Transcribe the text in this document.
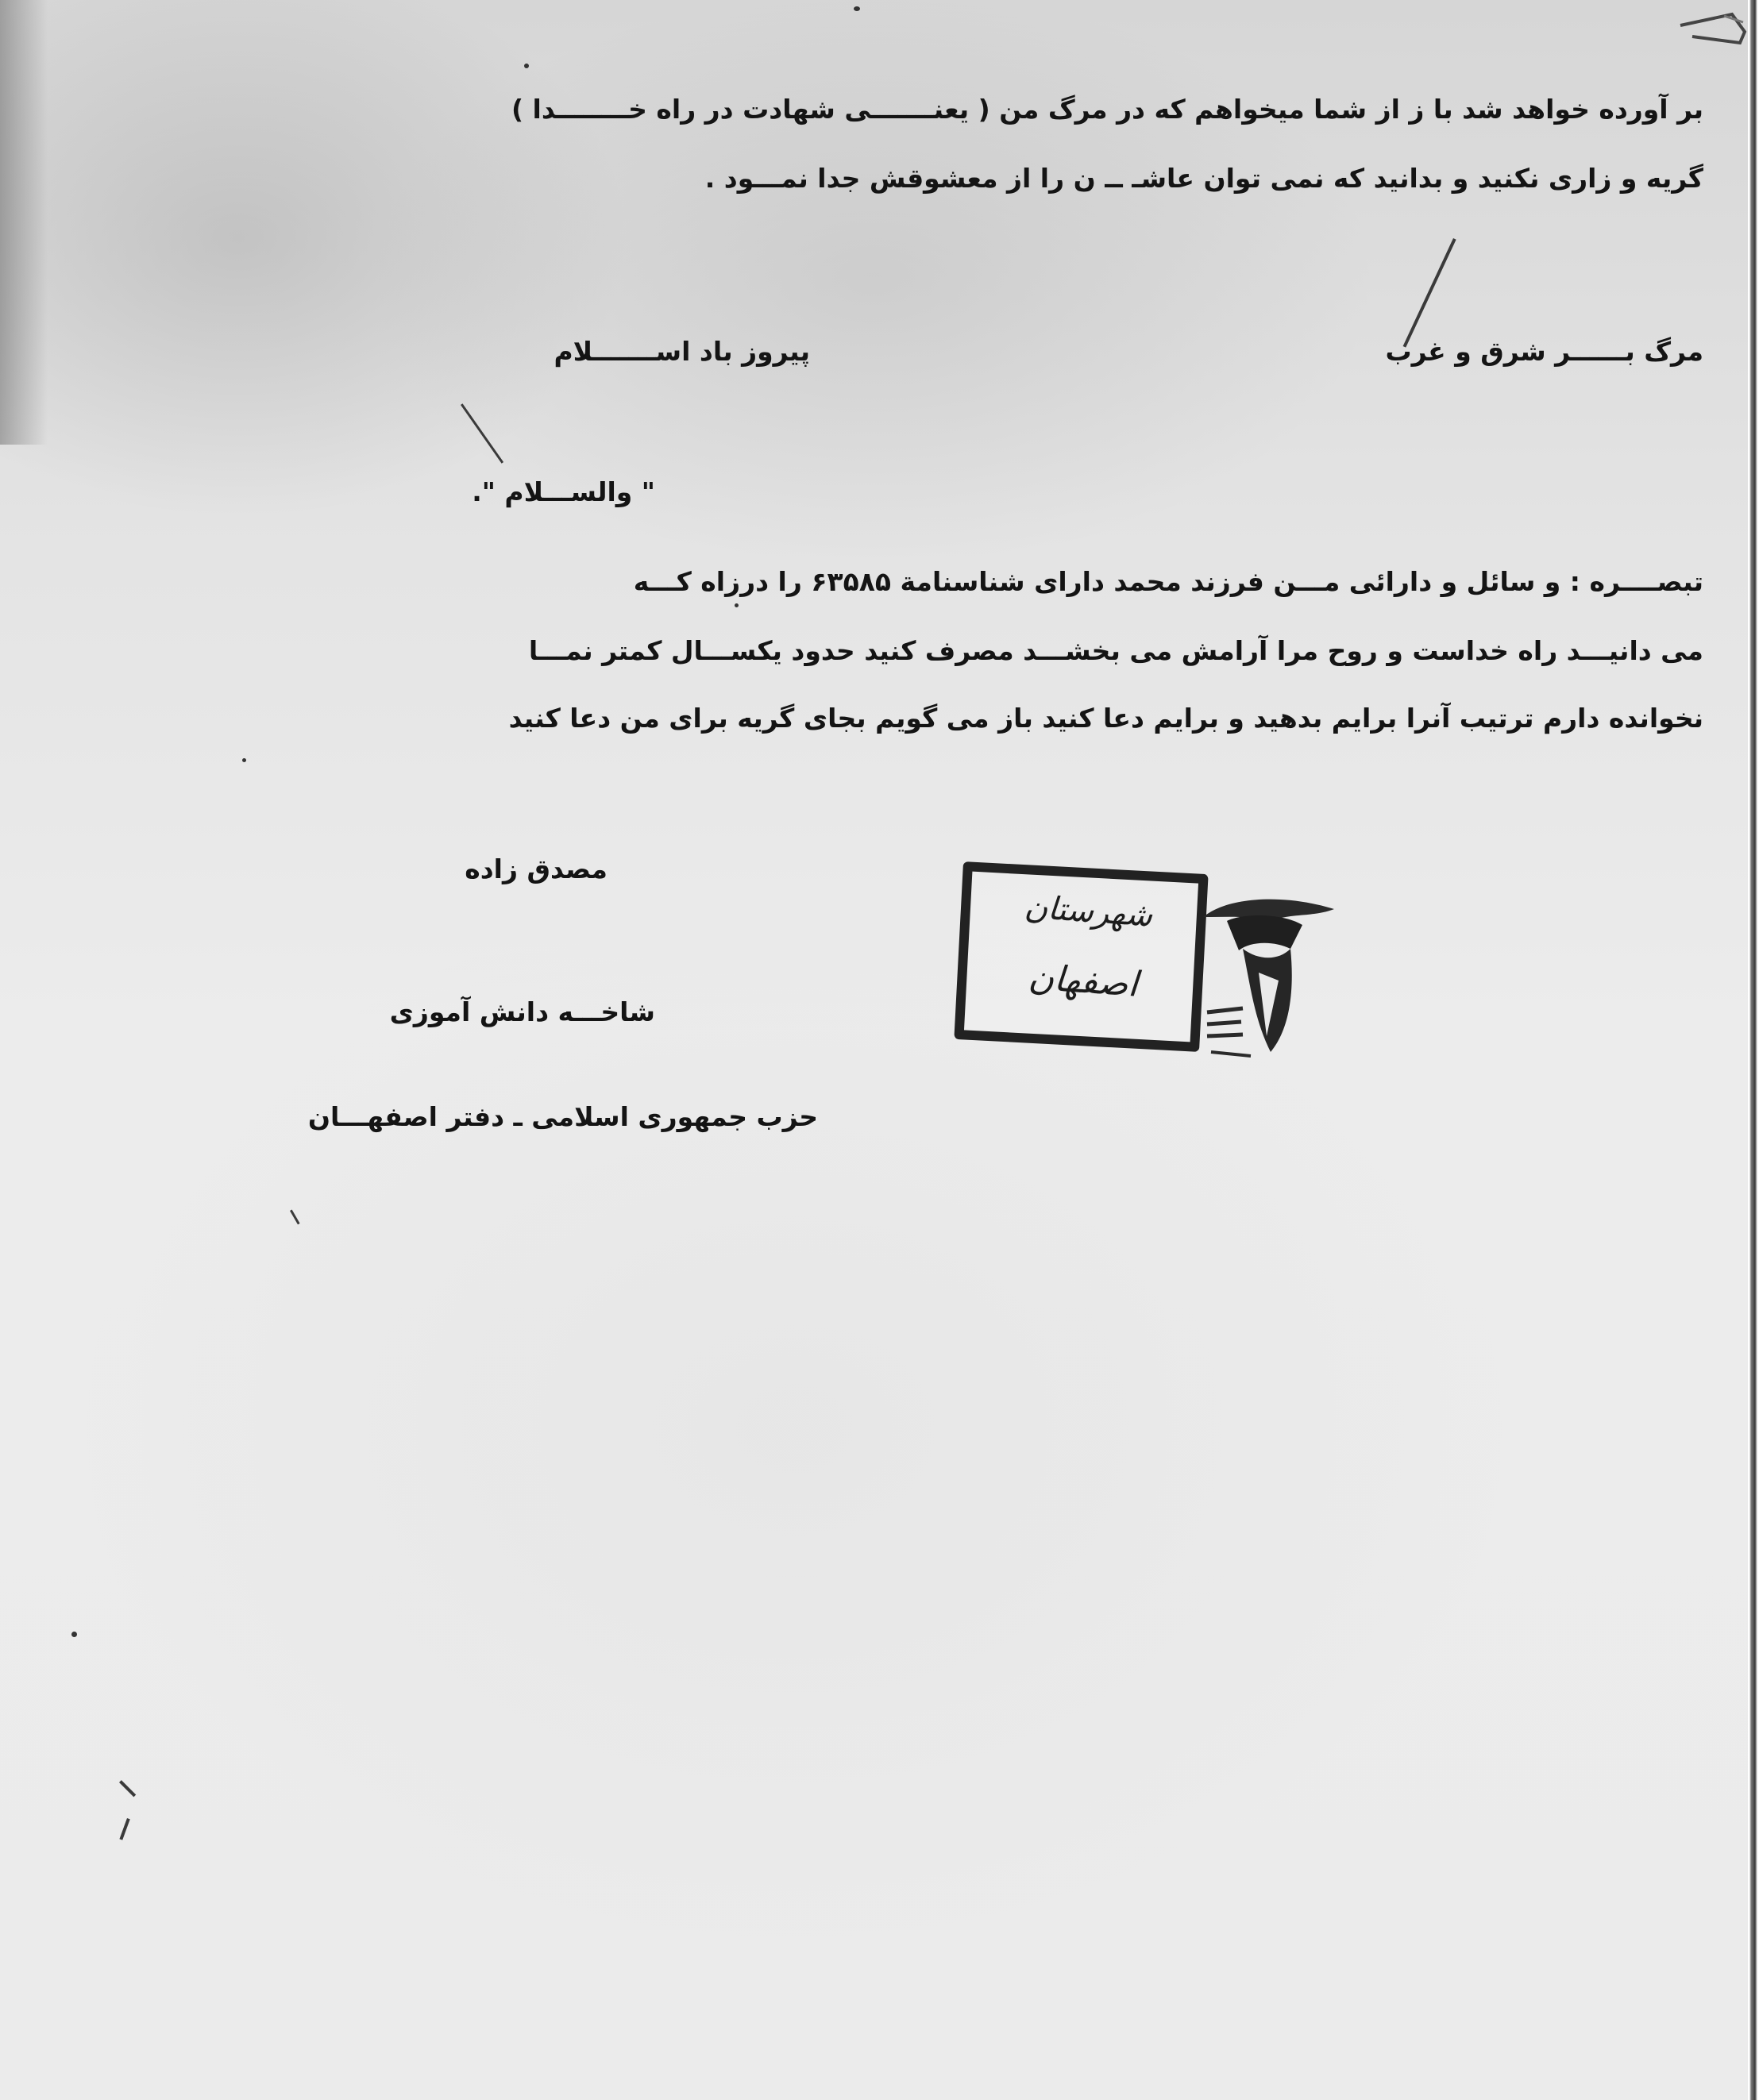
بر آورده خواهد شد با ز از شما میخواهم که در مرگ من ( یعنـــــــی شهادت در راه خــــــــدا )
گریه و زاری نکنید و بدانید که نمی توان عاشـ ــ ن را از معشوقش جدا نمـــود .
مرگ بــــــر شرق و غرب
پیروز باد اســـــــلام
" والســـلام ".
تبصــــره : و سائل و دارائی مـــن فرزند محمد دارای شناسنامة ۶۳۵۸۵ را درزاه کـــه
می دانیـــد راه خداست و روح مرا آرامش می بخشـــد مصرف کنید حدود یکســـال کمتر نمـــا
نخوانده دارم ترتیب آنرا برایم بدهید و برایم دعا کنید باز می گویم بجای گریه برای من دعا کنید
مصدق زاده
شاخـــه دانش آموزی
حزب جمهوری اسلامی ـ دفتر اصفهـــان
شهرستان
اصفهان
